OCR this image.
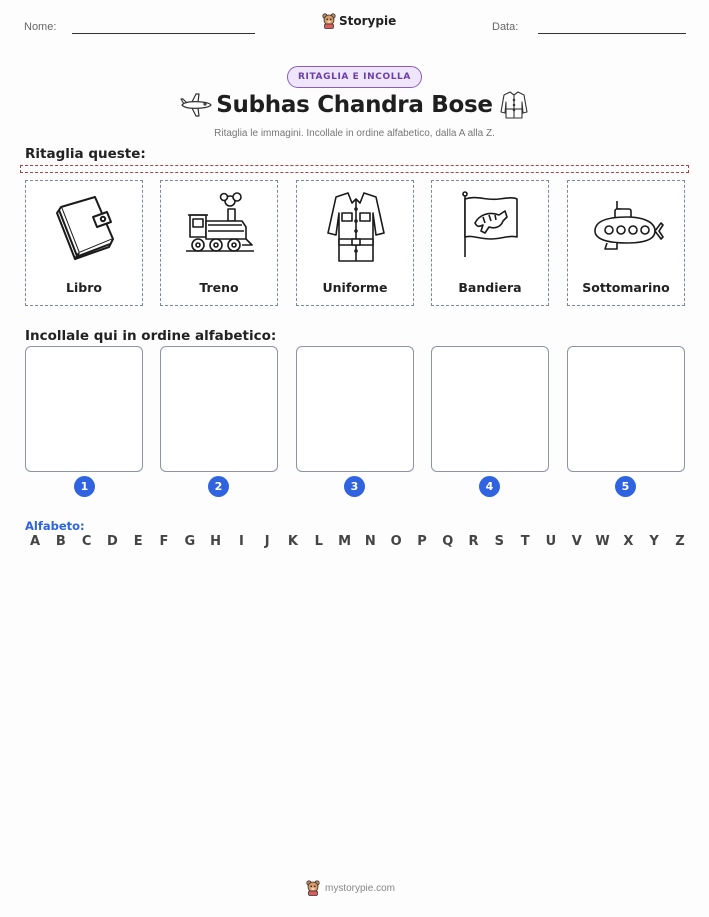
Nome:	Storypie	Data:
RITAGLIA E INCOLLA
Subhas Chandra Bose
Ritaglia le immagini. Incollale in ordine alfabetico, dalla A alla Z.
Ritaglia queste:
Libro	Treno	Uniforme	Bandiera	Sottomarino
Incollale qui in ordine alfabetico:
1	2	3	4	5
Alfabeto:
A	B	C	D	E	F	G	H	I	J	K	L	M	N	O	P	Q	R	S	T	U	V	W	X	Y	Z
mystorypie.com
